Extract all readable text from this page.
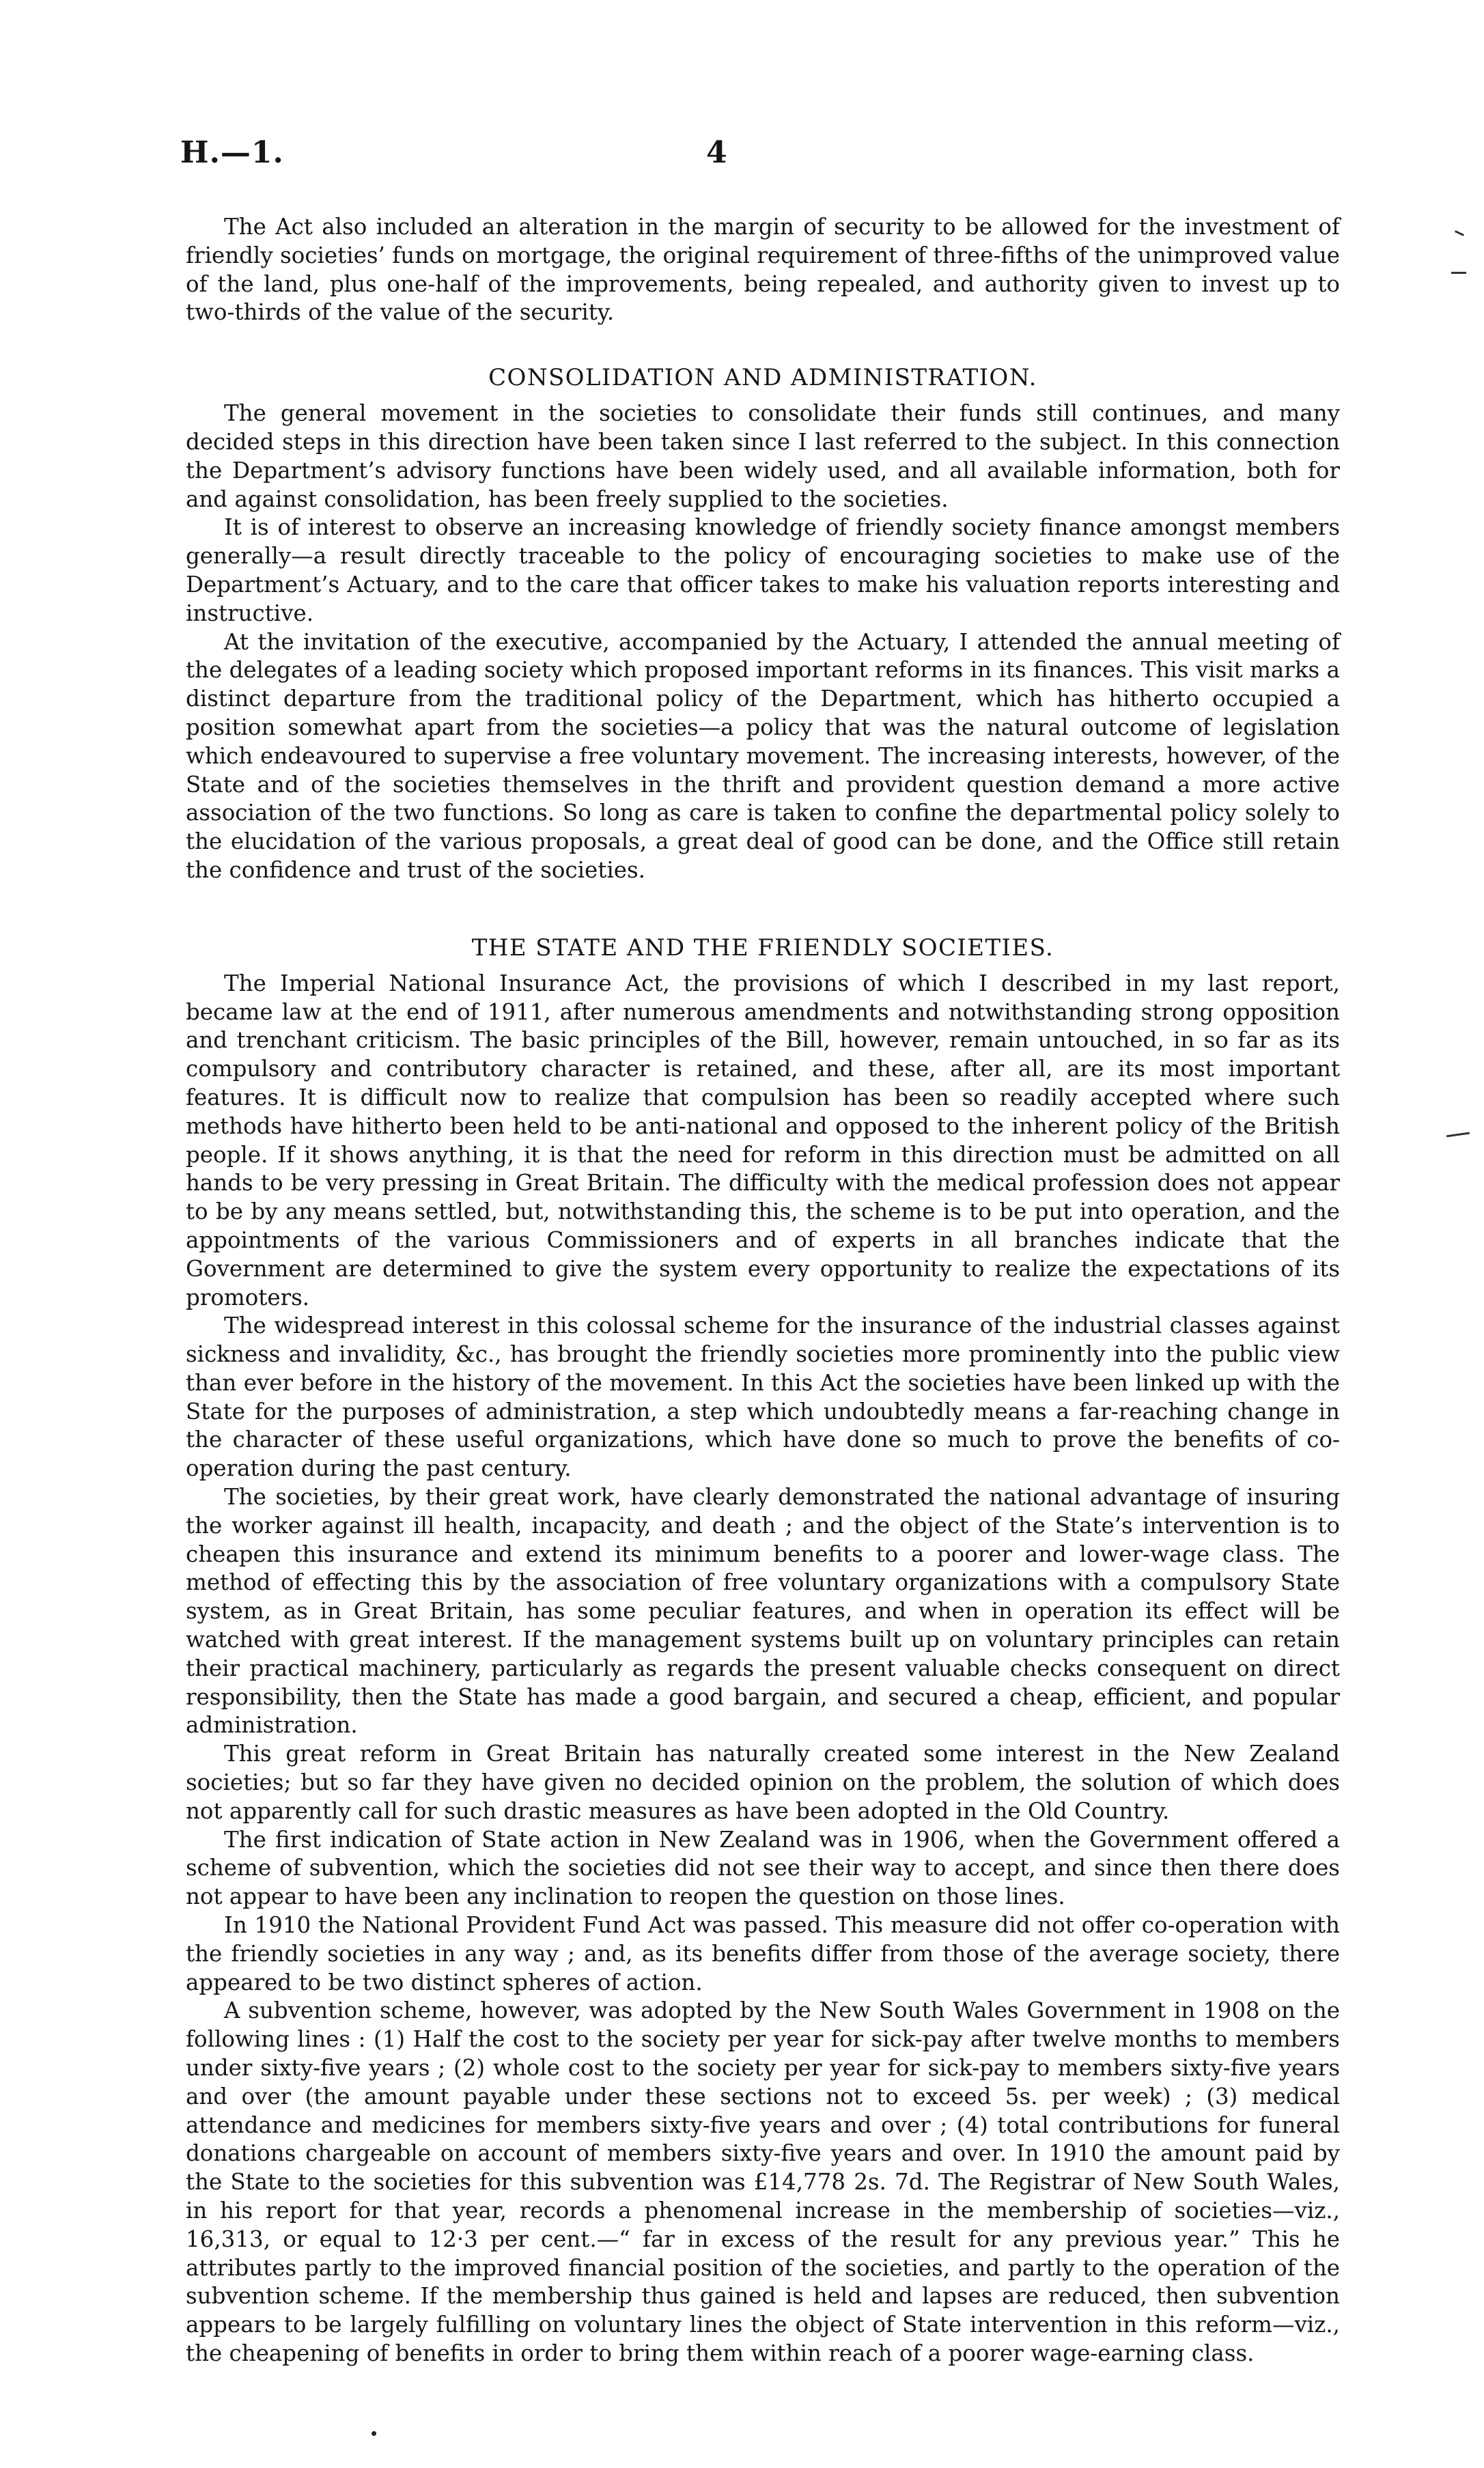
H.—1.	4

The Act also included an alteration in the margin of security to be allowed for the investment of friendly societies’ funds on mortgage, the original requirement of three-fifths of the unimproved value of the land, plus one-half of the improvements, being repealed, and authority given to invest up to two-thirds of the value of the security.

CONSOLIDATION AND ADMINISTRATION.

The general movement in the societies to consolidate their funds still continues, and many decided steps in this direction have been taken since I last referred to the subject. In this connection the Department’s advisory functions have been widely used, and all available information, both for and against consolidation, has been freely supplied to the societies.

It is of interest to observe an increasing knowledge of friendly society finance amongst members generally—a result directly traceable to the policy of encouraging societies to make use of the Department’s Actuary, and to the care that officer takes to make his valuation reports interesting and instructive.

At the invitation of the executive, accompanied by the Actuary, I attended the annual meeting of the delegates of a leading society which proposed important reforms in its finances. This visit marks a distinct departure from the traditional policy of the Department, which has hitherto occupied a position somewhat apart from the societies—a policy that was the natural outcome of legislation which endeavoured to supervise a free voluntary movement. The increasing interests, however, of the State and of the societies themselves in the thrift and provident question demand a more active association of the two functions. So long as care is taken to confine the departmental policy solely to the elucidation of the various proposals, a great deal of good can be done, and the Office still retain the confidence and trust of the societies.

THE STATE AND THE FRIENDLY SOCIETIES.

The Imperial National Insurance Act, the provisions of which I described in my last report, became law at the end of 1911, after numerous amendments and notwithstanding strong opposition and trenchant criticism. The basic principles of the Bill, however, remain untouched, in so far as its compulsory and contributory character is retained, and these, after all, are its most important features. It is difficult now to realize that compulsion has been so readily accepted where such methods have hitherto been held to be anti-national and opposed to the inherent policy of the British people. If it shows anything, it is that the need for reform in this direction must be admitted on all hands to be very pressing in Great Britain. The difficulty with the medical profession does not appear to be by any means settled, but, notwithstanding this, the scheme is to be put into operation, and the appointments of the various Commissioners and of experts in all branches indicate that the Government are determined to give the system every opportunity to realize the expectations of its promoters.

The widespread interest in this colossal scheme for the insurance of the industrial classes against sickness and invalidity, &c., has brought the friendly societies more prominently into the public view than ever before in the history of the movement. In this Act the societies have been linked up with the State for the purposes of administration, a step which undoubtedly means a far-reaching change in the character of these useful organizations, which have done so much to prove the benefits of co-operation during the past century.

The societies, by their great work, have clearly demonstrated the national advantage of insuring the worker against ill health, incapacity, and death ; and the object of the State’s intervention is to cheapen this insurance and extend its minimum benefits to a poorer and lower-wage class. The method of effecting this by the association of free voluntary organizations with a compulsory State system, as in Great Britain, has some peculiar features, and when in operation its effect will be watched with great interest. If the management systems built up on voluntary principles can retain their practical machinery, particularly as regards the present valuable checks consequent on direct responsibility, then the State has made a good bargain, and secured a cheap, efficient, and popular administration.

This great reform in Great Britain has naturally created some interest in the New Zealand societies; but so far they have given no decided opinion on the problem, the solution of which does not apparently call for such drastic measures as have been adopted in the Old Country.

The first indication of State action in New Zealand was in 1906, when the Government offered a scheme of subvention, which the societies did not see their way to accept, and since then there does not appear to have been any inclination to reopen the question on those lines.

In 1910 the National Provident Fund Act was passed. This measure did not offer co-operation with the friendly societies in any way ; and, as its benefits differ from those of the average society, there appeared to be two distinct spheres of action.

A subvention scheme, however, was adopted by the New South Wales Government in 1908 on the following lines : (1) Half the cost to the society per year for sick-pay after twelve months to members under sixty-five years ; (2) whole cost to the society per year for sick-pay to members sixty-five years and over (the amount payable under these sections not to exceed 5s. per week) ; (3) medical attendance and medicines for members sixty-five years and over ; (4) total contributions for funeral donations chargeable on account of members sixty-five years and over. In 1910 the amount paid by the State to the societies for this subvention was £14,778 2s. 7d. The Registrar of New South Wales, in his report for that year, records a phenomenal increase in the membership of societies—viz., 16,313, or equal to 12·3 per cent.—“ far in excess of the result for any previous year.” This he attributes partly to the improved financial position of the societies, and partly to the operation of the subvention scheme. If the membership thus gained is held and lapses are reduced, then subvention appears to be largely fulfilling on voluntary lines the object of State intervention in this reform—viz., the cheapening of benefits in order to bring them within reach of a poorer wage-earning class.
